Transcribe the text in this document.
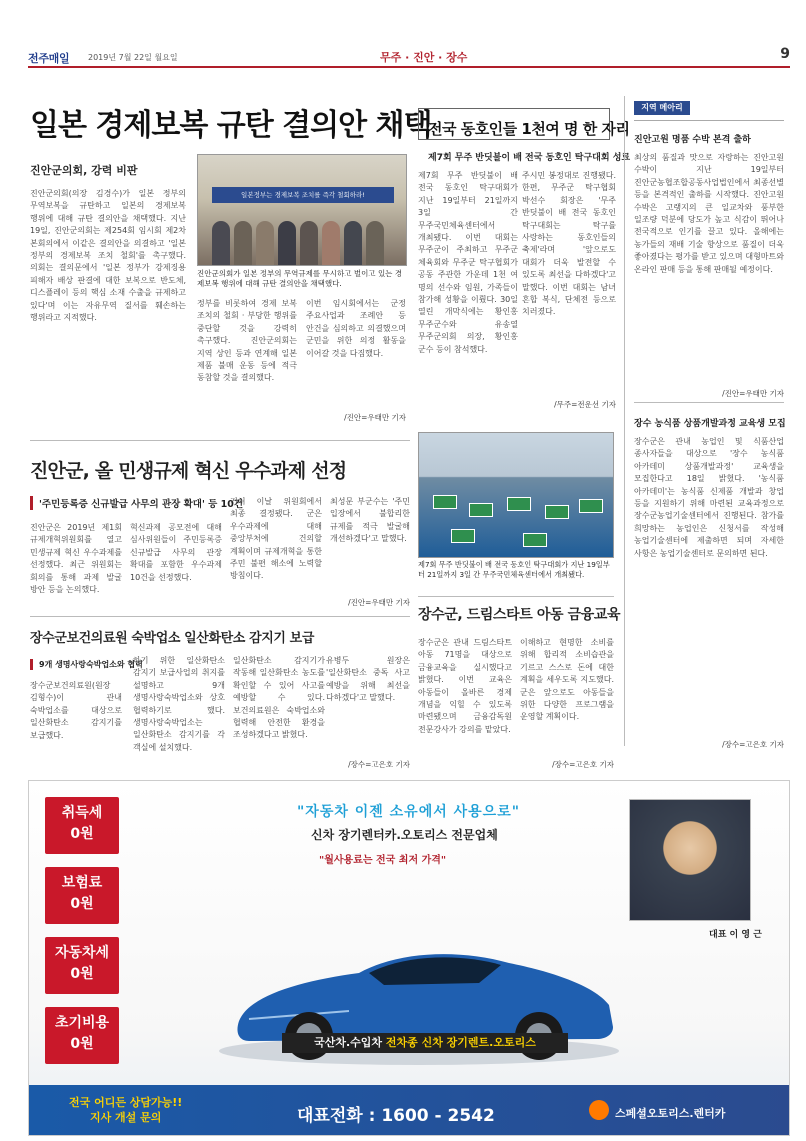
전주매일 2019년 7월 22일 월요일	무주 · 진안 · 장수	9
일본 경제보복 규탄 결의안 채택
진안군의회, 강력 비판
진안군의회(의장 김경수)가 일본 정부의 무역보복을 규탄하고 일본의 경제보복 행위에 대해 규탄 결의안을 채택했다. 지난 19일, 진안군의회는 제254회 임시회 제2차 본회의에서 이같은 결의안을 의결하고 '일본 정부의 경제보복 조치 철회'를 촉구했다. 의회는 결의문에서 '일본 정부가 강제징용 피해자 배상 판결에 대한 보복으로 반도체, 디스플레이 등의 핵심 소재 수출을 규제하고 있다'며 이는 자유무역 질서를 훼손하는 행위라고 지적했다.
일본정부는 경제보복 조치를 즉각 철회하라!
진안군의회가 일본 정부의 무역규제를 무시하고 벌이고 있는 경제보복 행위에 대해 규탄 결의안을 채택했다.
정부를 비롯하여 경제 보복 조치의 철회 · 부당한 행위를 중단할 것을 강력히 촉구했다. 진안군의회는 지역 상인 등과 연계해 일본 제품 불매 운동 등에 적극 동참할 것을 결의했다.
이번 임시회에서는 군정 주요사업과 조례안 등 안건을 심의하고 의결했으며 군민을 위한 의정 활동을 이어갈 것을 다짐했다.
/진안=우태만 기자
전국 동호인들 1천여 명 한 자리
제7회 무주 반딧불이 배 전국 동호인 탁구대회 성료
제7회 무주 반딧불이 배 전국 동호인 탁구대회가 지난 19일부터 21일까지 3일 간 무주국민체육센터에서 개최됐다. 이번 대회는 무주군이 주최하고 무주군 체육회와 무주군 탁구협회가 공동 주관한 가운데 1천 여 명의 선수와 임원, 가족들이 참가해 성황을 이뤘다. 30일 열린 개막식에는 황인홍 무주군수와 유송열 무주군의회 의장, 황인홍 군수 등이 참석했다.
주시민 봉정대로 진행됐다. 한편, 무주군 탁구협회 박선수 회장은 '무주 반딧불이 배 전국 동호인 탁구대회는 탁구를 사랑하는 동호인들의 축제'라며 '앞으로도 대회가 더욱 발전할 수 있도록 최선을 다하겠다'고 말했다. 이번 대회는 남녀 혼합 복식, 단체전 등으로 치러졌다.
/무주=전운선 기자
지역 메아리
진안고원 명품 수박 본격 출하
최상의 품질과 맛으로 자랑하는 진안고원 수박이 지난 19일부터 진안군농협조합공동사업법인에서 최종선별 등을 본격적인 출하를 시작했다. 진안고원 수박은 고랭지의 큰 일교차와 풍부한 일조량 덕분에 당도가 높고 식감이 뛰어나 전국적으로 인기를 끌고 있다. 올해에는 농가들의 재배 기술 향상으로 품질이 더욱 좋아졌다는 평가를 받고 있으며 대형마트와 온라인 판매 등을 통해 판매될 예정이다.
/진안=우태만 기자
장수 농식품 상품개발과정 교육생 모집
장수군은 관내 농업인 및 식품산업 종사자들을 대상으로 '장수 농식품 아카데미 상품개발과정' 교육생을 모집한다고 18일 밝혔다. '농식품 아카데미'는 농식품 신제품 개발과 창업 등을 지원하기 위해 마련된 교육과정으로 장수군농업기술센터에서 진행된다. 참가를 희망하는 농업인은 신청서를 작성해 농업기술센터에 제출하면 되며 자세한 사항은 농업기술센터로 문의하면 된다.
/장수=고은호 기자
진안군, 올 민생규제 혁신 우수과제 선정
'주민등록증 신규발급 사무의 관장 확대' 등 10건
진안군은 2019년 제1회 규제개혁위원회를 열고 민생규제 혁신 우수과제를 선정했다. 최근 위원회는 회의를 통해 과제 발굴 방안 등을 논의했다.
혁신과제 공모전에 대해 심사위원들이 주민등록증 신규발급 사무의 관장 확대를 포함한 우수과제 10건을 선정했다.
거쳐 이날 위원회에서 최종 결정됐다. 군은 우수과제에 대해 중앙부처에 건의할 계획이며 규제개혁을 통한 주민 불편 해소에 노력할 방침이다.
최성문 부군수는 '주민 입장에서 불합리한 규제를 적극 발굴해 개선하겠다'고 말했다.
/진안=우태만 기자
제7회 무주 반딧불이 배 전국 동호인 탁구대회가 지난 19일부터 21일까지 3일 간 무주국민체육센터에서 개최됐다.
장수군보건의료원 숙박업소 일산화탄소 감지기 보급
9개 생명사랑숙박업소와 협력
장수군보건의료원(원장 김형수)이 관내 숙박업소를 대상으로 일산화탄소 감지기를 보급했다.
하기 위한 일산화탄소 감지기 보급사업의 취지를 설명하고 9개 생명사랑숙박업소와 상호 협력하기로 했다. 생명사랑숙박업소는 일산화탄소 감지기를 각 객실에 설치했다.
일산화탄소 감지기가 작동해 일산화탄소 농도를 확인할 수 있어 사고를 예방할 수 있다. 보건의료원은 숙박업소와 협력해 안전한 환경을 조성하겠다고 밝혔다.
유병두 원장은 '일산화탄소 중독 사고 예방을 위해 최선을 다하겠다'고 말했다.
/장수=고은호 기자
장수군, 드림스타트 아동 금융교육
장수군은 관내 드림스타트 아동 71명을 대상으로 금융교육을 실시했다고 밝혔다. 이번 교육은 아동들이 올바른 경제 개념을 익힐 수 있도록 마련됐으며 금융감독원 전문강사가 강의를 맡았다.
이해하고 현명한 소비를 위해 합리적 소비습관을 기르고 스스로 돈에 대한 계획을 세우도록 지도했다. 군은 앞으로도 아동들을 위한 다양한 프로그램을 운영할 계획이다.
/장수=고은호 기자
취득세
0원
보험료
0원
자동차세
0원
초기비용
0원
"자동차 이젠 소유에서 사용으로"
신차 장기렌터카.오토리스 전문업체
"월사용료는 전국 최저 가격"
대표 이 영 근
국산차.수입차 전차종 신차 장기렌트.오토리스
전국 어디든 상담가능!!
지사 개설 문의	대표전화 : 1600 - 2542	스페셜오토리스.렌터카
